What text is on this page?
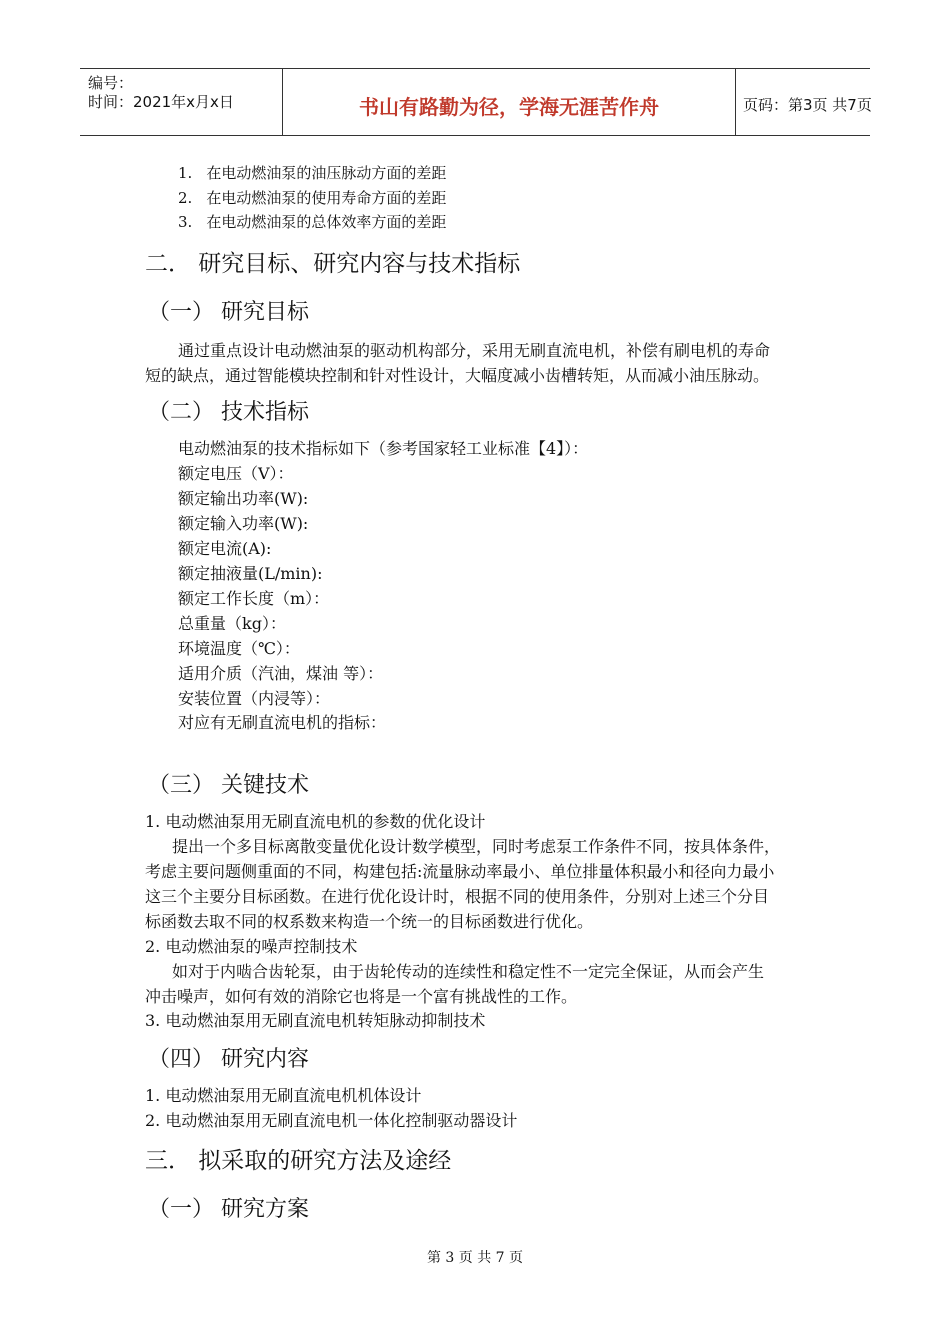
编号：
时间：2021年x月x日	书山有路勤为径，学海无涯苦作舟	页码：第3页 共7页
1. 在电动燃油泵的油压脉动方面的差距
2. 在电动燃油泵的使用寿命方面的差距
3. 在电动燃油泵的总体效率方面的差距
二． 研究目标、研究内容与技术指标
（一） 研究目标
通过重点设计电动燃油泵的驱动机构部分，采用无刷直流电机，补偿有刷电机的寿命
短的缺点，通过智能模块控制和针对性设计，大幅度减小齿槽转矩，从而减小油压脉动。
（二） 技术指标
电动燃油泵的技术指标如下（参考国家轻工业标准【4】）：
额定电压（V）：
额定输出功率(W):
额定输入功率(W):
额定电流(A):
额定抽液量(L/min):
额定工作长度（m）：
总重量（kg）：
环境温度（℃）：
适用介质（汽油，煤油 等）：
安装位置（内浸等）：
对应有无刷直流电机的指标：
（三） 关键技术
1. 电动燃油泵用无刷直流电机的参数的优化设计
提出一个多目标离散变量优化设计数学模型，同时考虑泵工作条件不同，按具体条件，
考虑主要问题侧重面的不同，构建包括:流量脉动率最小、单位排量体积最小和径向力最小
这三个主要分目标函数。在进行优化设计时，根据不同的使用条件，分别对上述三个分目
标函数去取不同的权系数来构造一个统一的目标函数进行优化。
2. 电动燃油泵的噪声控制技术
如对于内啮合齿轮泵，由于齿轮传动的连续性和稳定性不一定完全保证，从而会产生
冲击噪声，如何有效的消除它也将是一个富有挑战性的工作。
3. 电动燃油泵用无刷直流电机转矩脉动抑制技术
（四） 研究内容
1. 电动燃油泵用无刷直流电机机体设计
2. 电动燃油泵用无刷直流电机一体化控制驱动器设计
三． 拟采取的研究方法及途经
（一） 研究方案
第 3 页 共 7 页
